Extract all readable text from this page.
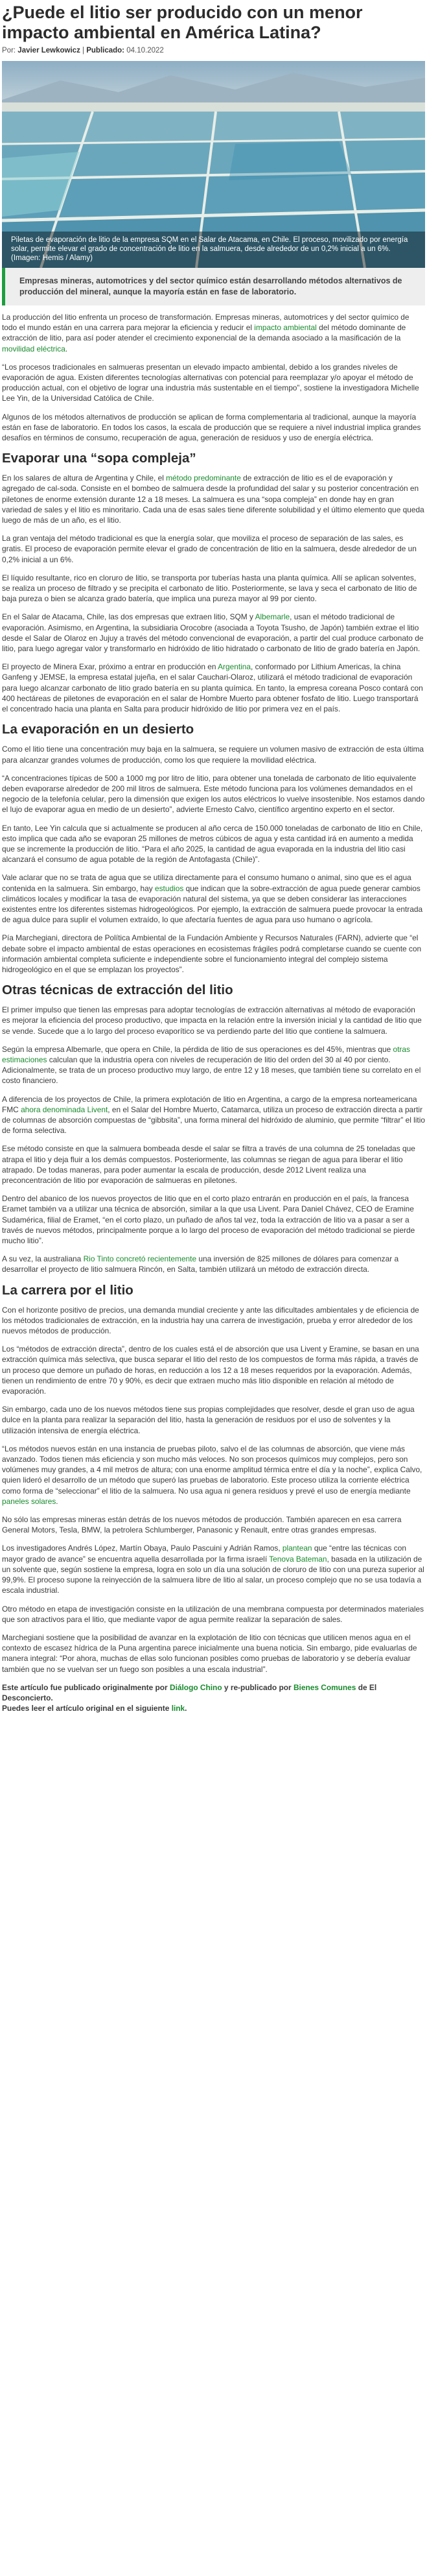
¿Puede el litio ser producido con un menor impacto ambiental en América Latina?
Por: Javier Lewkowicz | Publicado: 04.10.2022
Piletas de evaporación de litio de la empresa SQM en el Salar de Atacama, en Chile. El proceso, movilizado por energía solar, permite elevar el grado de concentración de litio en la salmuera, desde alrededor de un 0,2% inicial a un 6%. (Imagen: Hemis / Alamy)
Empresas mineras, automotrices y del sector químico están desarrollando métodos alternativos de producción del mineral, aunque la mayoría están en fase de laboratorio.

La producción del litio enfrenta un proceso de transformación. Empresas mineras, automotrices y del sector químico de todo el mundo están en una carrera para mejorar la eficiencia y reducir el impacto ambiental del método dominante de extracción de litio, para así poder atender el crecimiento exponencial de la demanda asociado a la masificación de la movilidad eléctrica.

“Los procesos tradicionales en salmueras presentan un elevado impacto ambiental, debido a los grandes niveles de evaporación de agua. Existen diferentes tecnologías alternativas con potencial para reemplazar y/o apoyar el método de producción actual, con el objetivo de lograr una industria más sustentable en el tiempo”, sostiene la investigadora Michelle Lee Yin, de la Universidad Católica de Chile.

Algunos de los métodos alternativos de producción se aplican de forma complementaria al tradicional, aunque la mayoría están en fase de laboratorio. En todos los casos, la escala de producción que se requiere a nivel industrial implica grandes desafíos en términos de consumo, recuperación de agua, generación de residuos y uso de energía eléctrica.

Evaporar una “sopa compleja”

En los salares de altura de Argentina y Chile, el método predominante de extracción de litio es el de evaporación y agregado de cal-soda. Consiste en el bombeo de salmuera desde la profundidad del salar y su posterior concentración en piletones de enorme extensión durante 12 a 18 meses. La salmuera es una “sopa compleja” en donde hay en gran variedad de sales y el litio es minoritario. Cada una de esas sales tiene diferente solubilidad y el último elemento que queda luego de más de un año, es el litio.

La gran ventaja del método tradicional es que la energía solar, que moviliza el proceso de separación de las sales, es gratis. El proceso de evaporación permite elevar el grado de concentración de litio en la salmuera, desde alrededor de un 0,2% inicial a un 6%.

El líquido resultante, rico en cloruro de litio, se transporta por tuberías hasta una planta química. Allí se aplican solventes, se realiza un proceso de filtrado y se precipita el carbonato de litio. Posteriormente, se lava y seca el carbonato de litio de baja pureza o bien se alcanza grado batería, que implica una pureza mayor al 99 por ciento.

En el Salar de Atacama, Chile, las dos empresas que extraen litio, SQM y Albemarle, usan el método tradicional de evaporación. Asimismo, en Argentina, la subsidiaria Orocobre (asociada a Toyota Tsusho, de Japón) también extrae el litio desde el Salar de Olaroz en Jujuy a través del método convencional de evaporación, a partir del cual produce carbonato de litio, para luego agregar valor y transformarlo en hidróxido de litio hidratado o carbonato de litio de grado batería en Japón.

El proyecto de Minera Exar, próximo a entrar en producción en Argentina, conformado por Lithium Americas, la china Ganfeng y JEMSE, la empresa estatal jujeña, en el salar Cauchari-Olaroz, utilizará el método tradicional de evaporación para luego alcanzar carbonato de litio grado batería en su planta química. En tanto, la empresa coreana Posco contará con 400 hectáreas de piletones de evaporación en el salar de Hombre Muerto para obtener fosfato de litio. Luego transportará el concentrado hacia una planta en Salta para producir hidróxido de litio por primera vez en el país.

La evaporación en un desierto

Como el litio tiene una concentración muy baja en la salmuera, se requiere un volumen masivo de extracción de esta última para alcanzar grandes volumes de producción, como los que requiere la movilidad eléctrica.

“A concentraciones típicas de 500 a 1000 mg por litro de litio, para obtener una tonelada de carbonato de litio equivalente deben evaporarse alrededor de 200 mil litros de salmuera. Este método funciona para los volúmenes demandados en el negocio de la telefonía celular, pero la dimensión que exigen los autos eléctricos lo vuelve insostenible. Nos estamos dando el lujo de evaporar agua en medio de un desierto”, advierte Ernesto Calvo, científico argentino experto en el sector.

En tanto, Lee Yin calcula que si actualmente se producen al año cerca de 150.000 toneladas de carbonato de litio en Chile, esto implica que cada año se evaporan 25 millones de metros cúbicos de agua y esta cantidad irá en aumento a medida que se incremente la producción de litio. “Para el año 2025, la cantidad de agua evaporada en la industria del litio casi alcanzará el consumo de agua potable de la región de Antofagasta (Chile)”.

Vale aclarar que no se trata de agua que se utiliza directamente para el consumo humano o animal, sino que es el agua contenida en la salmuera. Sin embargo, hay estudios que indican que la sobre-extracción de agua puede generar cambios climáticos locales y modificar la tasa de evaporación natural del sistema, ya que se deben considerar las interacciones existentes entre los diferentes sistemas hidrogeológicos. Por ejemplo, la extracción de salmuera puede provocar la entrada de agua dulce para suplir el volumen extraído, lo que afectaría fuentes de agua para uso humano o agrícola.

Pía Marchegiani, directora de Política Ambiental de la Fundación Ambiente y Recursos Naturales (FARN), advierte que “el debate sobre el impacto ambiental de estas operaciones en ecosistemas frágiles podrá completarse cuando se cuente con información ambiental completa suficiente e independiente sobre el funcionamiento integral del complejo sistema hidrogeológico en el que se emplazan los proyectos”.

Otras técnicas de extracción del litio

El primer impulso que tienen las empresas para adoptar tecnologías de extracción alternativas al método de evaporación es mejorar la eficiencia del proceso productivo, que impacta en la relación entre la inversión inicial y la cantidad de litio que se vende. Sucede que a lo largo del proceso evaporítico se va perdiendo parte del litio que contiene la salmuera.

Según la empresa Albemarle, que opera en Chile, la pérdida de litio de sus operaciones es del 45%, mientras que otras estimaciones calculan que la industria opera con niveles de recuperación de litio del orden del 30 al 40 por ciento. Adicionalmente, se trata de un proceso productivo muy largo, de entre 12 y 18 meses, que también tiene su correlato en el costo financiero.

A diferencia de los proyectos de Chile, la primera explotación de litio en Argentina, a cargo de la empresa norteamericana FMC ahora denominada Livent, en el Salar del Hombre Muerto, Catamarca, utiliza un proceso de extracción directa a partir de columnas de absorción compuestas de “gibbsita”, una forma mineral del hidróxido de aluminio, que permite “filtrar” el litio de forma selectiva.

Ese método consiste en que la salmuera bombeada desde el salar se filtra a través de una columna de 25 toneladas que atrapa el litio y deja fluir a los demás compuestos. Posteriormente, las columnas se riegan de agua para liberar el litio atrapado. De todas maneras, para poder aumentar la escala de producción, desde 2012 Livent realiza una preconcentración de litio por evaporación de salmueras en piletones.

Dentro del abanico de los nuevos proyectos de litio que en el corto plazo entrarán en producción en el país, la francesa Eramet también va a utilizar una técnica de absorción, similar a la que usa Livent. Para Daniel Chávez, CEO de Eramine Sudamérica, filial de Eramet, “en el corto plazo, un puñado de años tal vez, toda la extracción de litio va a pasar a ser a través de nuevos métodos, principalmente porque a lo largo del proceso de evaporación del método tradicional se pierde mucho litio”.

A su vez, la australiana Rio Tinto concretó recientemente una inversión de 825 millones de dólares para comenzar a desarrollar el proyecto de litio salmuera Rincón, en Salta, también utilizará un método de extracción directa.

La carrera por el litio

Con el horizonte positivo de precios, una demanda mundial creciente y ante las dificultades ambientales y de eficiencia de los métodos tradicionales de extracción, en la industria hay una carrera de investigación, prueba y error alrededor de los nuevos métodos de producción.

Los “métodos de extracción directa”, dentro de los cuales está el de absorción que usa Livent y Eramine, se basan en una extracción química más selectiva, que busca separar el litio del resto de los compuestos de forma más rápida, a través de un proceso que demore un puñado de horas, en reducción a los 12 a 18 meses requeridos por la evaporación. Además, tienen un rendimiento de entre 70 y 90%, es decir que extraen mucho más litio disponible en relación al método de evaporación.

Sin embargo, cada uno de los nuevos métodos tiene sus propias complejidades que resolver, desde el gran uso de agua dulce en la planta para realizar la separación del litio, hasta la generación de residuos por el uso de solventes y la utilización intensiva de energía eléctrica.

“Los métodos nuevos están en una instancia de pruebas piloto, salvo el de las columnas de absorción, que viene más avanzado. Todos tienen más eficiencia y son mucho más veloces. No son procesos químicos muy complejos, pero son volúmenes muy grandes, a 4 mil metros de altura; con una enorme amplitud térmica entre el día y la noche”, explica Calvo, quien lideró el desarrollo de un método que superó las pruebas de laboratorio. Este proceso utiliza la corriente eléctrica como forma de “seleccionar” el litio de la salmuera. No usa agua ni genera residuos y prevé el uso de energía mediante paneles solares.

No sólo las empresas mineras están detrás de los nuevos métodos de producción. También aparecen en esa carrera General Motors, Tesla, BMW, la petrolera Schlumberger, Panasonic y Renault, entre otras grandes empresas.

Los investigadores Andrés López, Martín Obaya, Paulo Pascuini y Adrián Ramos, plantean que “entre las técnicas con mayor grado de avance” se encuentra aquella desarrollada por la firma israelí Tenova Bateman, basada en la utilización de un solvente que, según sostiene la empresa, logra en solo un día una solución de cloruro de litio con una pureza superior al 99,9%. El proceso supone la reinyección de la salmuera libre de litio al salar, un proceso complejo que no se usa todavía a escala industrial.

Otro método en etapa de investigación consiste en la utilización de una membrana compuesta por determinados materiales que son atractivos para el litio, que mediante vapor de agua permite realizar la separación de sales.

Marchegiani sostiene que la posibilidad de avanzar en la explotación de litio con técnicas que utilicen menos agua en el contexto de escasez hídrica de la Puna argentina parece inicialmente una buena noticia. Sin embargo, pide evaluarlas de manera integral: “Por ahora, muchas de ellas solo funcionan posibles como pruebas de laboratorio y se debería evaluar también que no se vuelvan ser un fuego son posibles a una escala industrial”.

Este artículo fue publicado originalmente por Diálogo Chino y re-publicado por Bienes Comunes de El Desconcierto.
Puedes leer el artículo original en el siguiente link.
